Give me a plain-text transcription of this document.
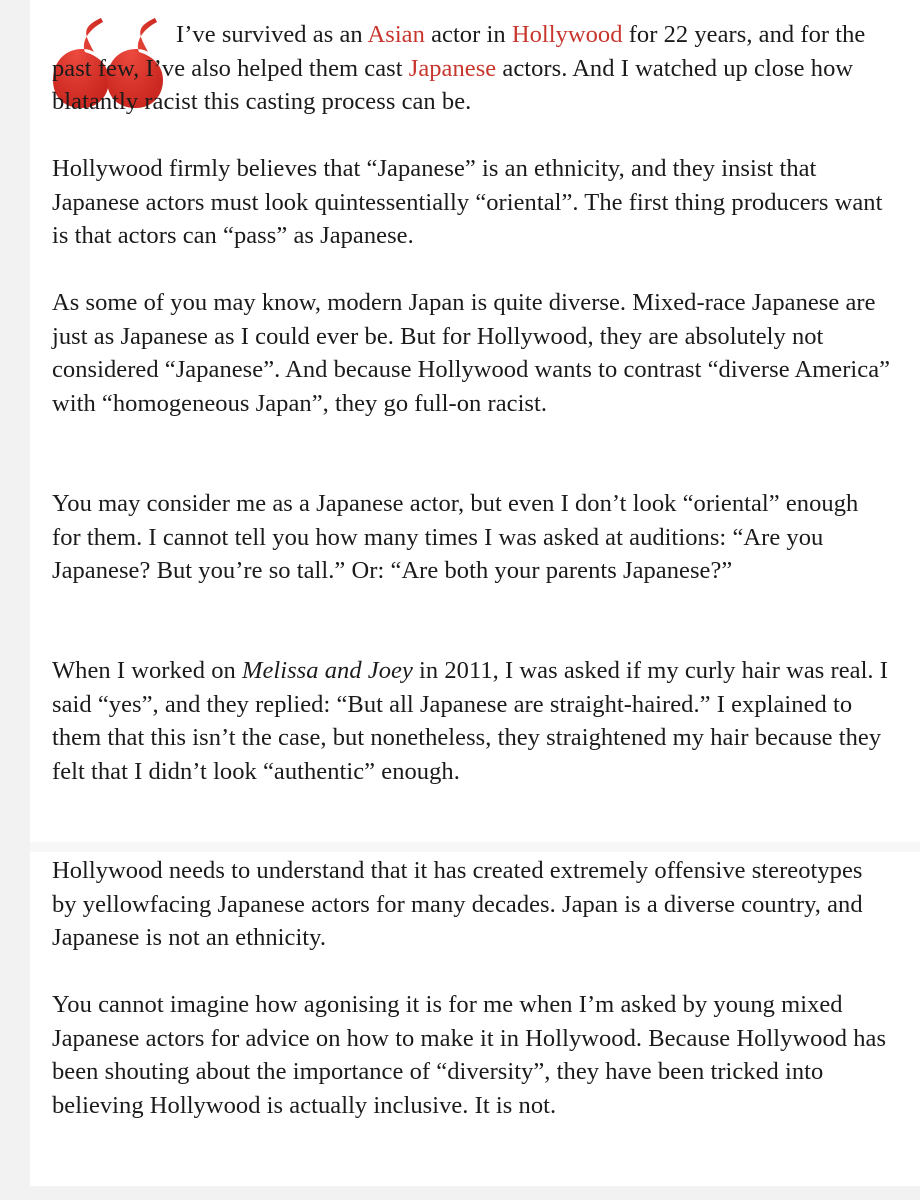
I’ve survived as an Asian actor in Hollywood for 22 years, and for the past few, I’ve also helped them cast Japanese actors. And I watched up close how blatantly racist this casting process can be.

Hollywood firmly believes that “Japanese” is an ethnicity, and they insist that Japanese actors must look quintessentially “oriental”. The first thing producers want is that actors can “pass” as Japanese.

As some of you may know, modern Japan is quite diverse. Mixed-race Japanese are just as Japanese as I could ever be. But for Hollywood, they are absolutely not considered “Japanese”. And because Hollywood wants to contrast “diverse America” with “homogeneous Japan”, they go full-on racist.

You may consider me as a Japanese actor, but even I don’t look “oriental” enough for them. I cannot tell you how many times I was asked at auditions: “Are you Japanese? But you’re so tall.” Or: “Are both your parents Japanese?”

When I worked on Melissa and Joey in 2011, I was asked if my curly hair was real. I said “yes”, and they replied: “But all Japanese are straight-haired.” I explained to them that this isn’t the case, but nonetheless, they straightened my hair because they felt that I didn’t look “authentic” enough.

Hollywood needs to understand that it has created extremely offensive stereotypes by yellowfacing Japanese actors for many decades. Japan is a diverse country, and Japanese is not an ethnicity.

You cannot imagine how agonising it is for me when I’m asked by young mixed Japanese actors for advice on how to make it in Hollywood. Because Hollywood has been shouting about the importance of “diversity”, they have been tricked into believing Hollywood is actually inclusive. It is not.
